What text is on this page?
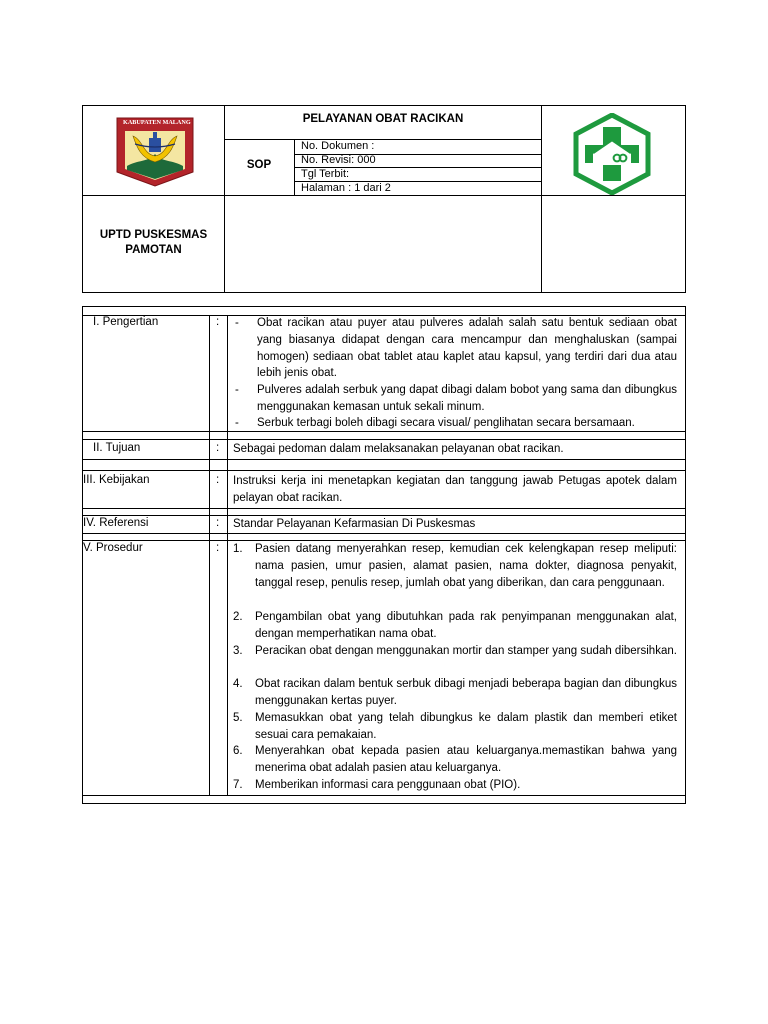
KABUPATEN MALANG	PELAYANAN OBAT RACIKAN
SOP
No. Dokumen :
No. Revisi: 000
Tgl Terbit:
Halaman : 1 dari 2
UPTD PUSKESMAS
PAMOTAN
I. Pengertian	: - Obat racikan atau puyer atau pulveres adalah salah satu bentuk sediaan obat yang biasanya didapat dengan cara mencampur dan menghaluskan (sampai homogen) sediaan obat tablet atau kaplet atau kapsul, yang terdiri dari dua atau lebih jenis obat.
- Pulveres adalah serbuk yang dapat dibagi dalam bobot yang sama dan dibungkus menggunakan kemasan untuk sekali minum.
- Serbuk terbagi boleh dibagi secara visual/ penglihatan secara bersamaan.
II. Tujuan	: Sebagai pedoman dalam melaksanakan pelayanan obat racikan.
III. Kebijakan	: Instruksi kerja ini menetapkan kegiatan dan tanggung jawab Petugas apotek dalam pelayan obat racikan.
IV. Referensi	: Standar Pelayanan Kefarmasian Di Puskesmas
V. Prosedur	: 1. Pasien datang menyerahkan resep, kemudian cek kelengkapan resep meliputi: nama pasien, umur pasien, alamat pasien, nama dokter, diagnosa penyakit, tanggal resep, penulis resep, jumlah obat yang diberikan, dan cara penggunaan.
2. Pengambilan obat yang dibutuhkan pada rak penyimpanan menggunakan alat, dengan memperhatikan nama obat.
3. Peracikan obat dengan menggunakan mortir dan stamper yang sudah dibersihkan.
4. Obat racikan dalam bentuk serbuk dibagi menjadi beberapa bagian dan dibungkus menggunakan kertas puyer.
5. Memasukkan obat yang telah dibungkus ke dalam plastik dan memberi etiket sesuai cara pemakaian.
6. Menyerahkan obat kepada pasien atau keluarganya.memastikan bahwa yang menerima obat adalah pasien atau keluarganya.
7. Memberikan informasi cara penggunaan obat (PIO).
